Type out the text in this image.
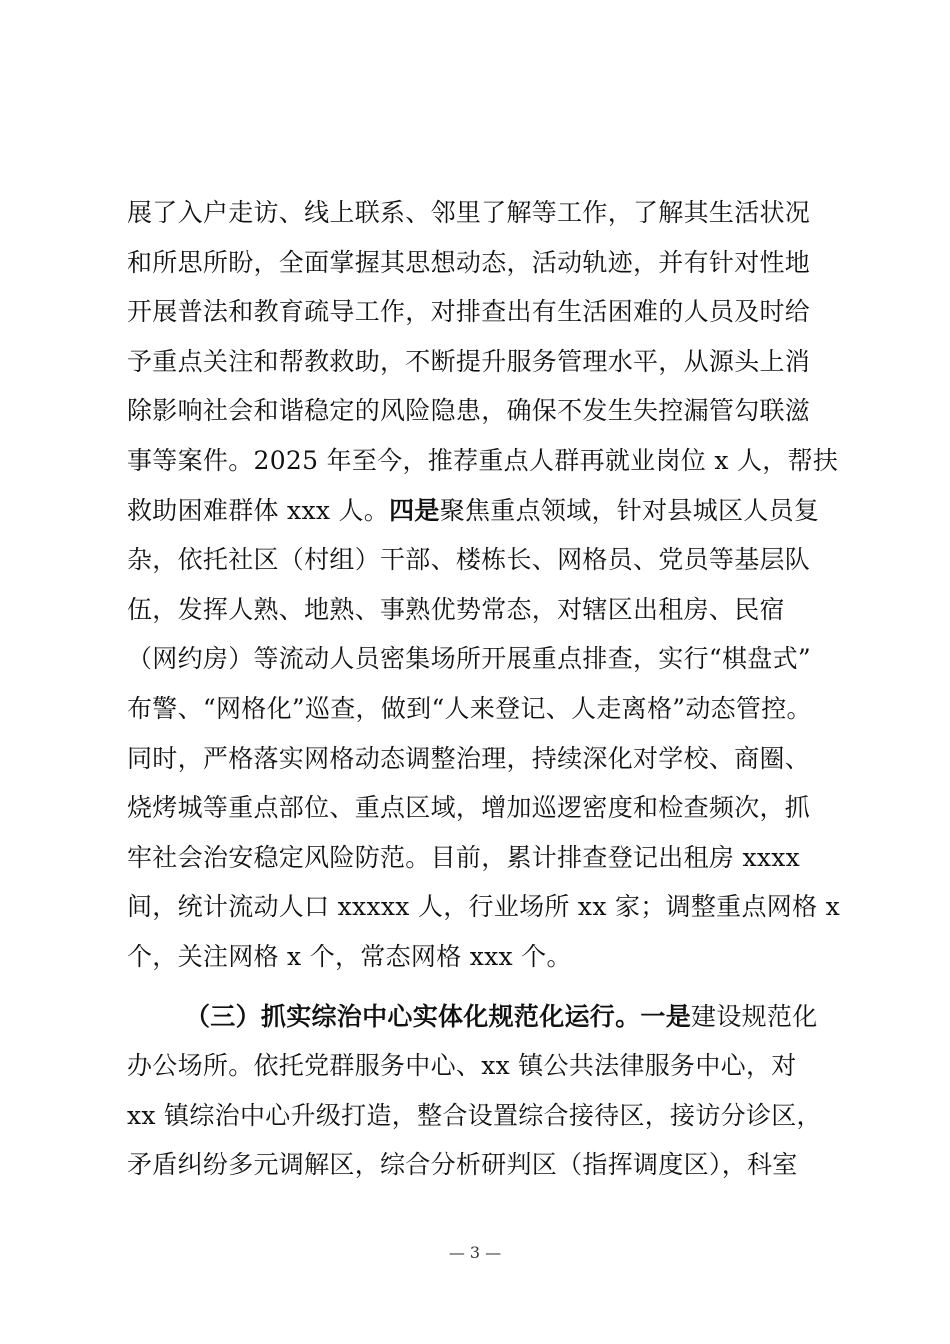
展了入户走访、线上联系、邻里了解等工作，了解其生活状况
和所思所盼，全面掌握其思想动态，活动轨迹，并有针对性地
开展普法和教育疏导工作，对排查出有生活困难的人员及时给
予重点关注和帮教救助，不断提升服务管理水平，从源头上消
除影响社会和谐稳定的风险隐患，确保不发生失控漏管勾联滋
事等案件。2025 年至今，推荐重点人群再就业岗位 x 人，帮扶
救助困难群体 xxx 人。四是聚焦重点领域，针对县城区人员复
杂，依托社区（村组）干部、楼栋长、网格员、党员等基层队
伍，发挥人熟、地熟、事熟优势常态，对辖区出租房、民宿
（网约房）等流动人员密集场所开展重点排查，实行“棋盘式”
布警、“网格化”巡查，做到“人来登记、人走离格”动态管控。
同时，严格落实网格动态调整治理，持续深化对学校、商圈、
烧烤城等重点部位、重点区域，增加巡逻密度和检查频次，抓
牢社会治安稳定风险防范。目前，累计排查登记出租房 xxxx
间，统计流动人口 xxxxx 人，行业场所 xx 家；调整重点网格 x
个，关注网格 x 个，常态网格 xxx 个。
（三）抓实综治中心实体化规范化运行。一是建设规范化
办公场所。依托党群服务中心、xx 镇公共法律服务中心，对
xx 镇综治中心升级打造，整合设置综合接待区，接访分诊区，
矛盾纠纷多元调解区，综合分析研判区（指挥调度区），科室
— 3 —
